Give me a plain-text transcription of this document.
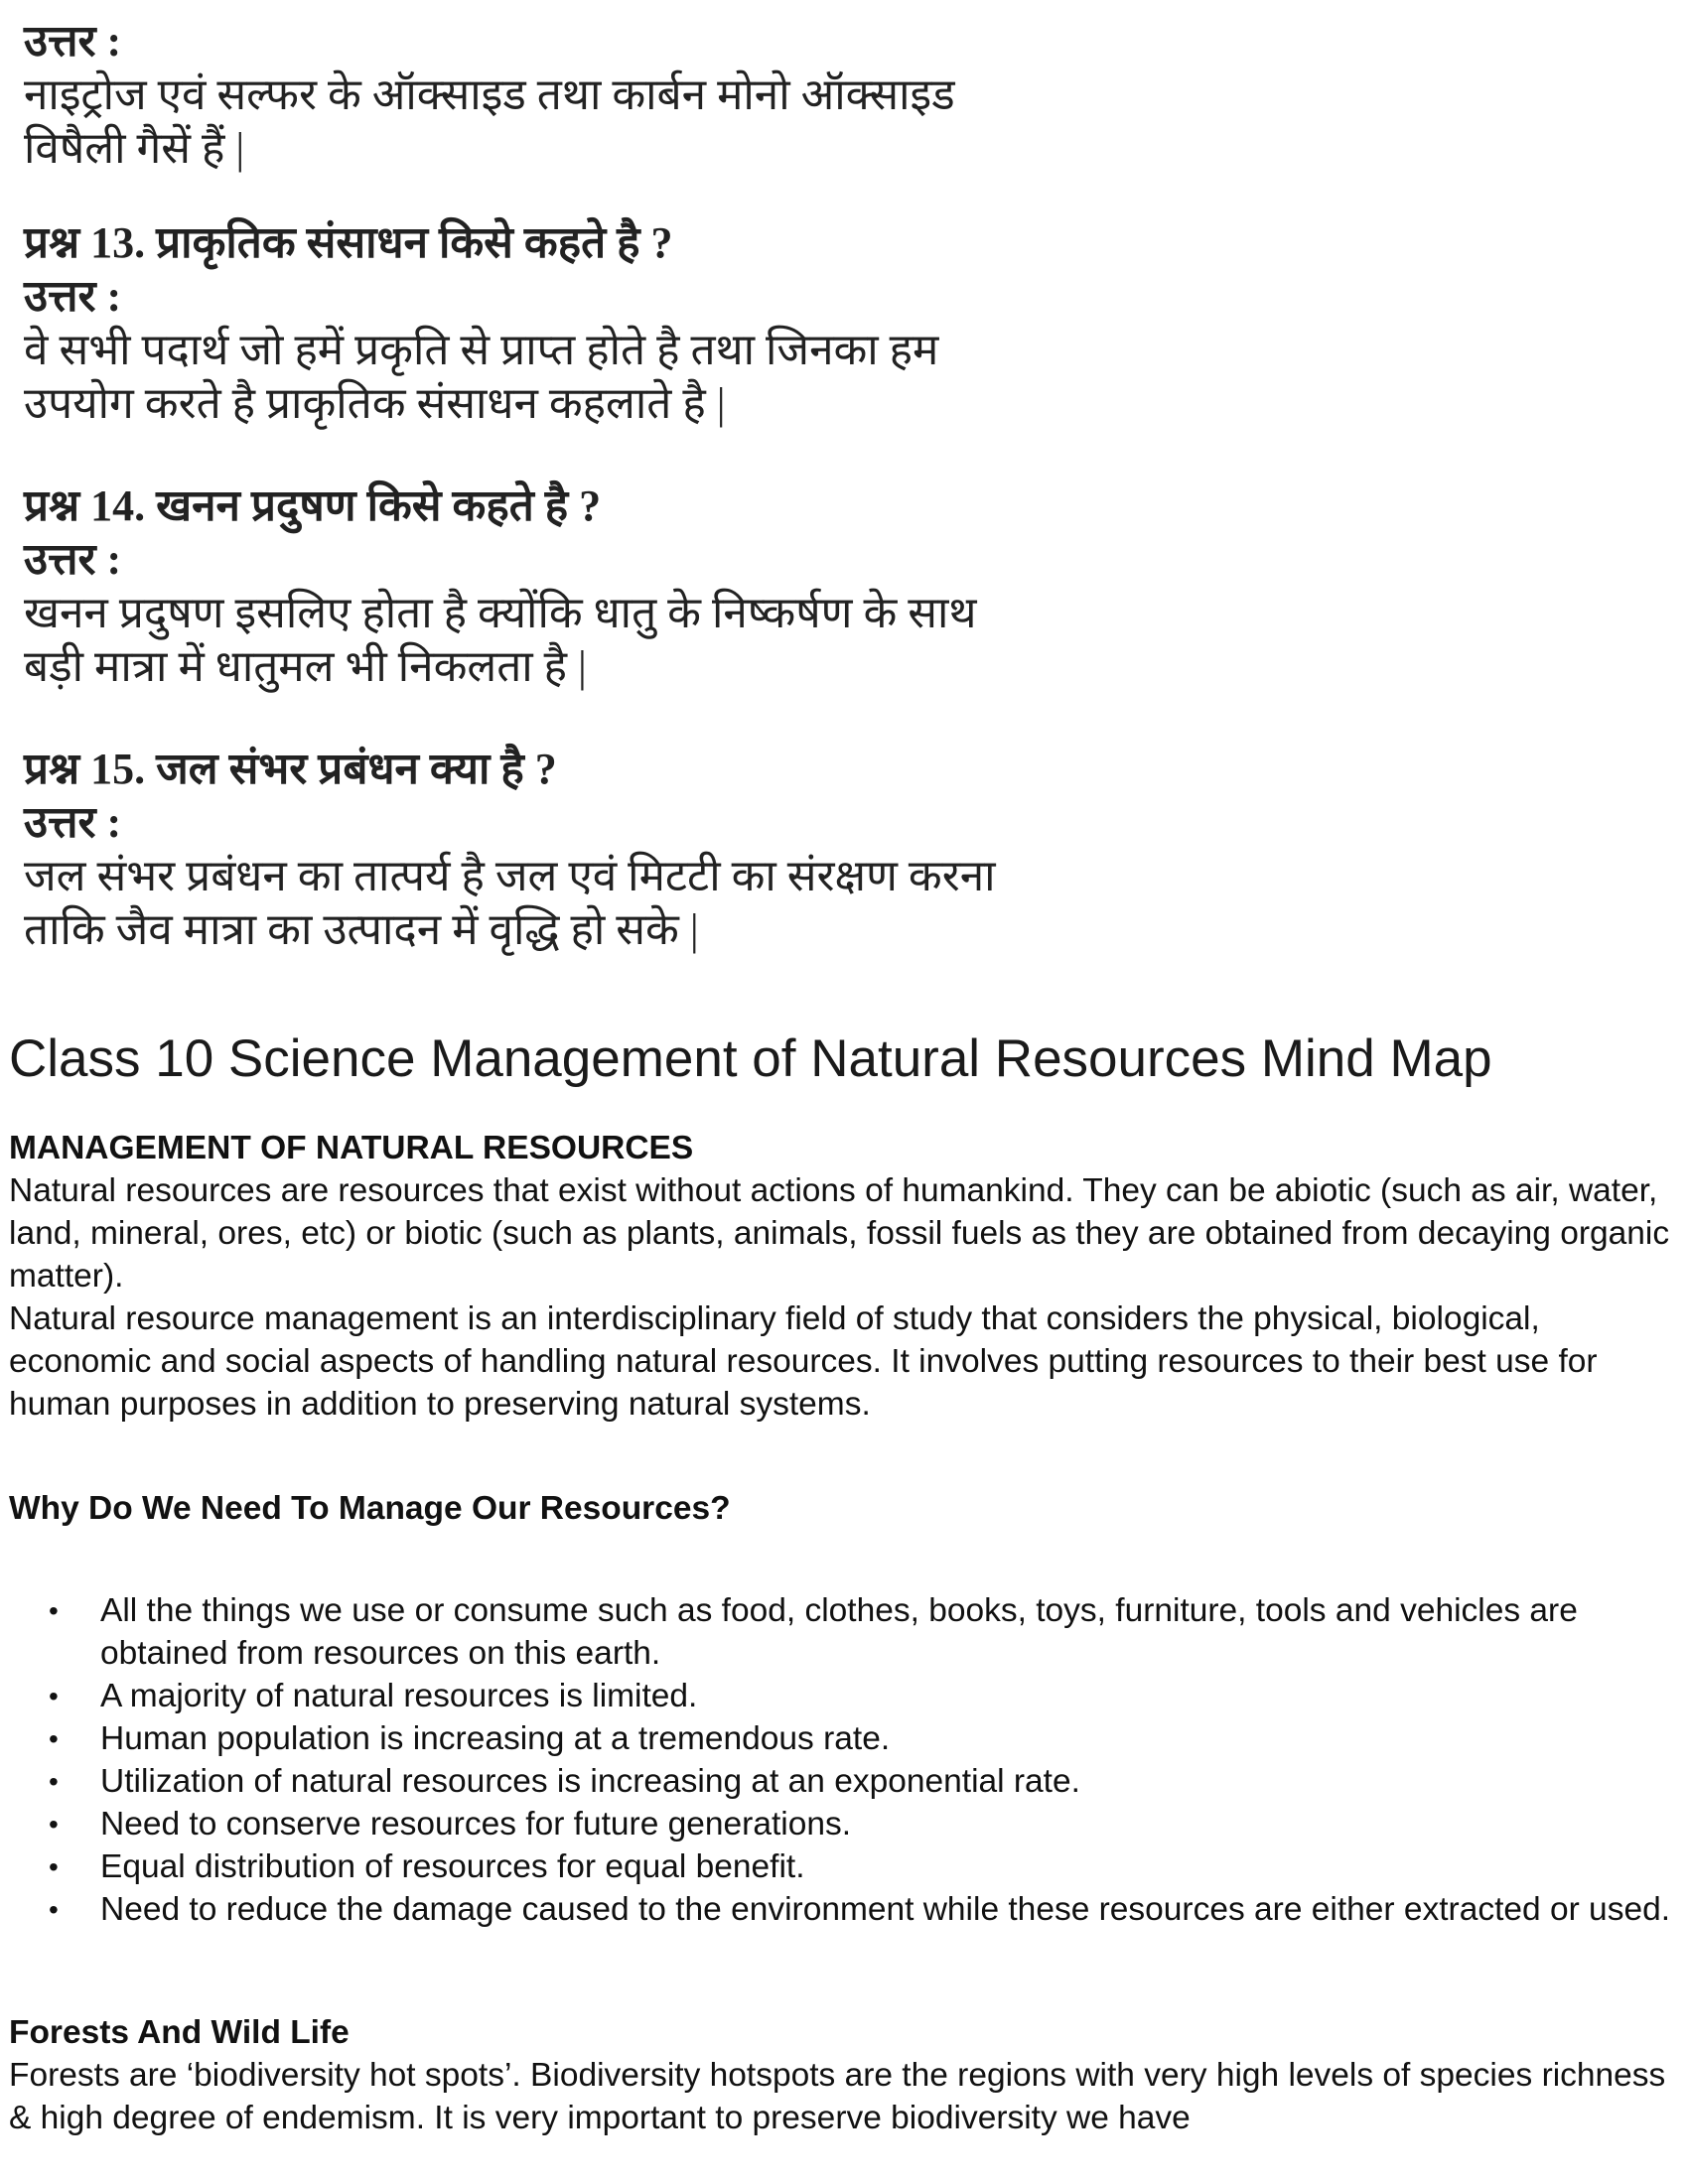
उत्तर :
नाइट्रोज एवं सल्फर के ऑक्साइड तथा कार्बन मोनो ऑक्साइड
विषैली गैसें हैं |
प्रश्न 13. प्राकृतिक संसाधन किसे कहते है ?
उत्तर :
वे सभी पदार्थ जो हमें प्रकृति से प्राप्त होते है तथा जिनका हम
उपयोग करते है प्राकृतिक संसाधन कहलाते है |
प्रश्न 14. खनन प्रदुषण किसे कहते है ?
उत्तर :
खनन प्रदुषण इसलिए होता है क्योंकि धातु के निष्कर्षण के साथ
बड़ी मात्रा में धातुमल भी निकलता है |
प्रश्न 15. जल संभर प्रबंधन क्या है ?
उत्तर :
जल संभर प्रबंधन का तात्पर्य है जल एवं मिटटी का संरक्षण करना
ताकि जैव मात्रा का उत्पादन में वृद्धि हो सके |
Class 10 Science Management of Natural Resources Mind Map
MANAGEMENT OF NATURAL RESOURCES
Natural resources are resources that exist without actions of humankind. They can be abiotic (such as air, water, land, mineral, ores, etc) or biotic (such as plants, animals, fossil fuels as they are obtained from decaying organic matter).
Natural resource management is an interdisciplinary field of study that considers the physical, biological, economic and social aspects of handling natural resources. It involves putting resources to their best use for human purposes in addition to preserving natural systems.
Why Do We Need To Manage Our Resources?
• All the things we use or consume such as food, clothes, books, toys, furniture, tools and vehicles are obtained from resources on this earth.
• A majority of natural resources is limited.
• Human population is increasing at a tremendous rate.
• Utilization of natural resources is increasing at an exponential rate.
• Need to conserve resources for future generations.
• Equal distribution of resources for equal benefit.
• Need to reduce the damage caused to the environment while these resources are either extracted or used.
Forests And Wild Life
Forests are ‘biodiversity hot spots’. Biodiversity hotspots are the regions with very high levels of species richness & high degree of endemism. It is very important to preserve biodiversity we have
